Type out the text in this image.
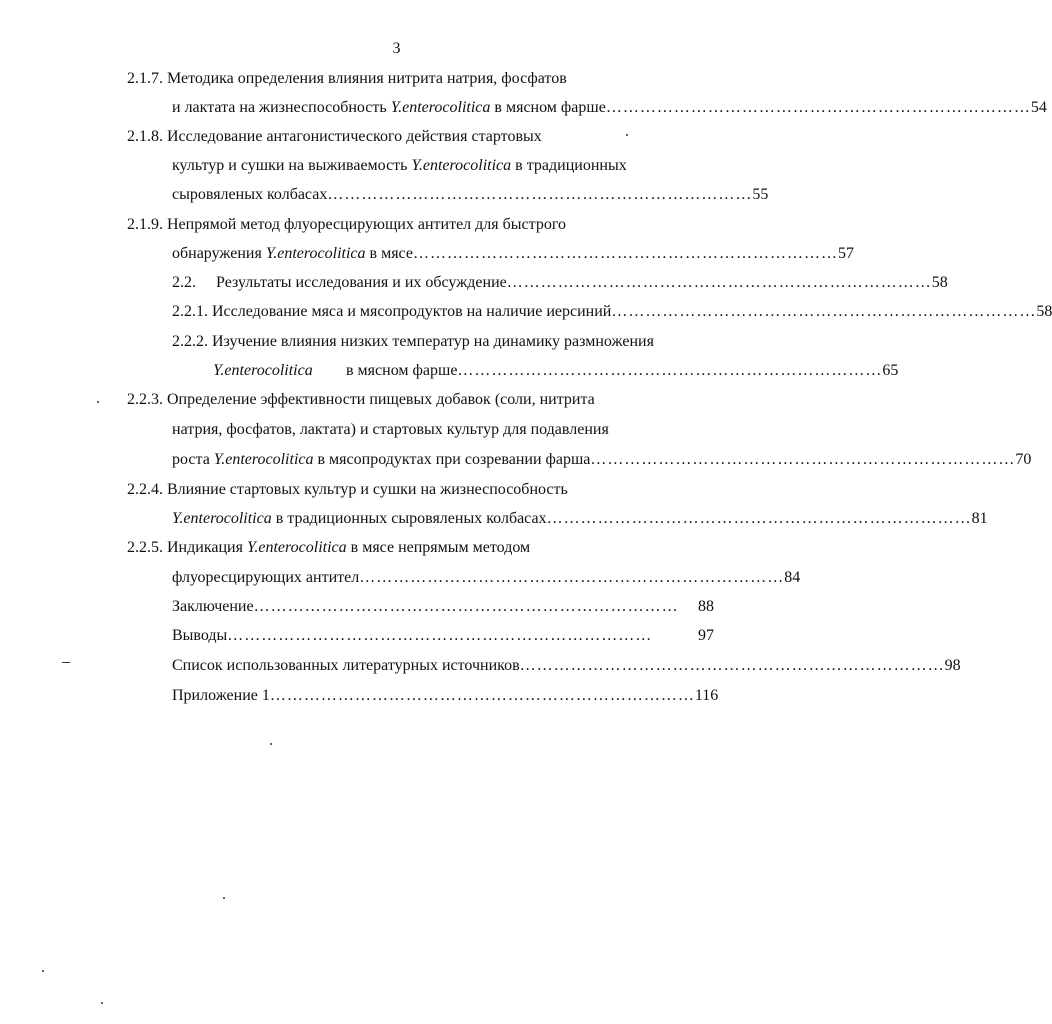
3
2.1.7. Методика определения влияния нитрита натрия, фосфатов
и лактата на жизнеспособность Y.enterocolitica в мясном фарше ………………………………………………………………… 54
2.1.8. Исследование антагонистического действия стартовых
культур и сушки на выживаемость Y.enterocolitica в традиционных
сыровяленых колбасах ………………………………………………………………… 55
2.1.9. Непрямой метод флуоресцирующих антител для быстрого
обнаружения Y.enterocolitica в мясе ………………………………………………………………… 57
2.2. Результаты исследования и их обсуждение ………………………………………………………………… 58
2.2.1. Исследование мяса и мясопродуктов на наличие иерсиний ………………………………………………………………… 58
2.2.2. Изучение влияния низких температур на динамику размножения
Y.enterocolitica в мясном фарше ………………………………………………………………… 65
2.2.3. Определение эффективности пищевых добавок (соли, нитрита
натрия, фосфатов, лактата) и стартовых культур для подавления
роста Y.enterocolitica в мясопродуктах при созревании фарша ………………………………………………………………… 70
2.2.4. Влияние стартовых культур и сушки на жизнеспособность
Y.enterocolitica в традиционных сыровяленых колбасах ………………………………………………………………… 81
2.2.5. Индикация Y.enterocolitica в мясе непрямым методом
флуоресцирующих антител ………………………………………………………………… 84
Заключение …………………………………………………………………	88
Выводы …………………………………………………………………	97
Список использованных литературных источников ………………………………………………………………… 98
Приложение 1 ………………………………………………………………… 116
